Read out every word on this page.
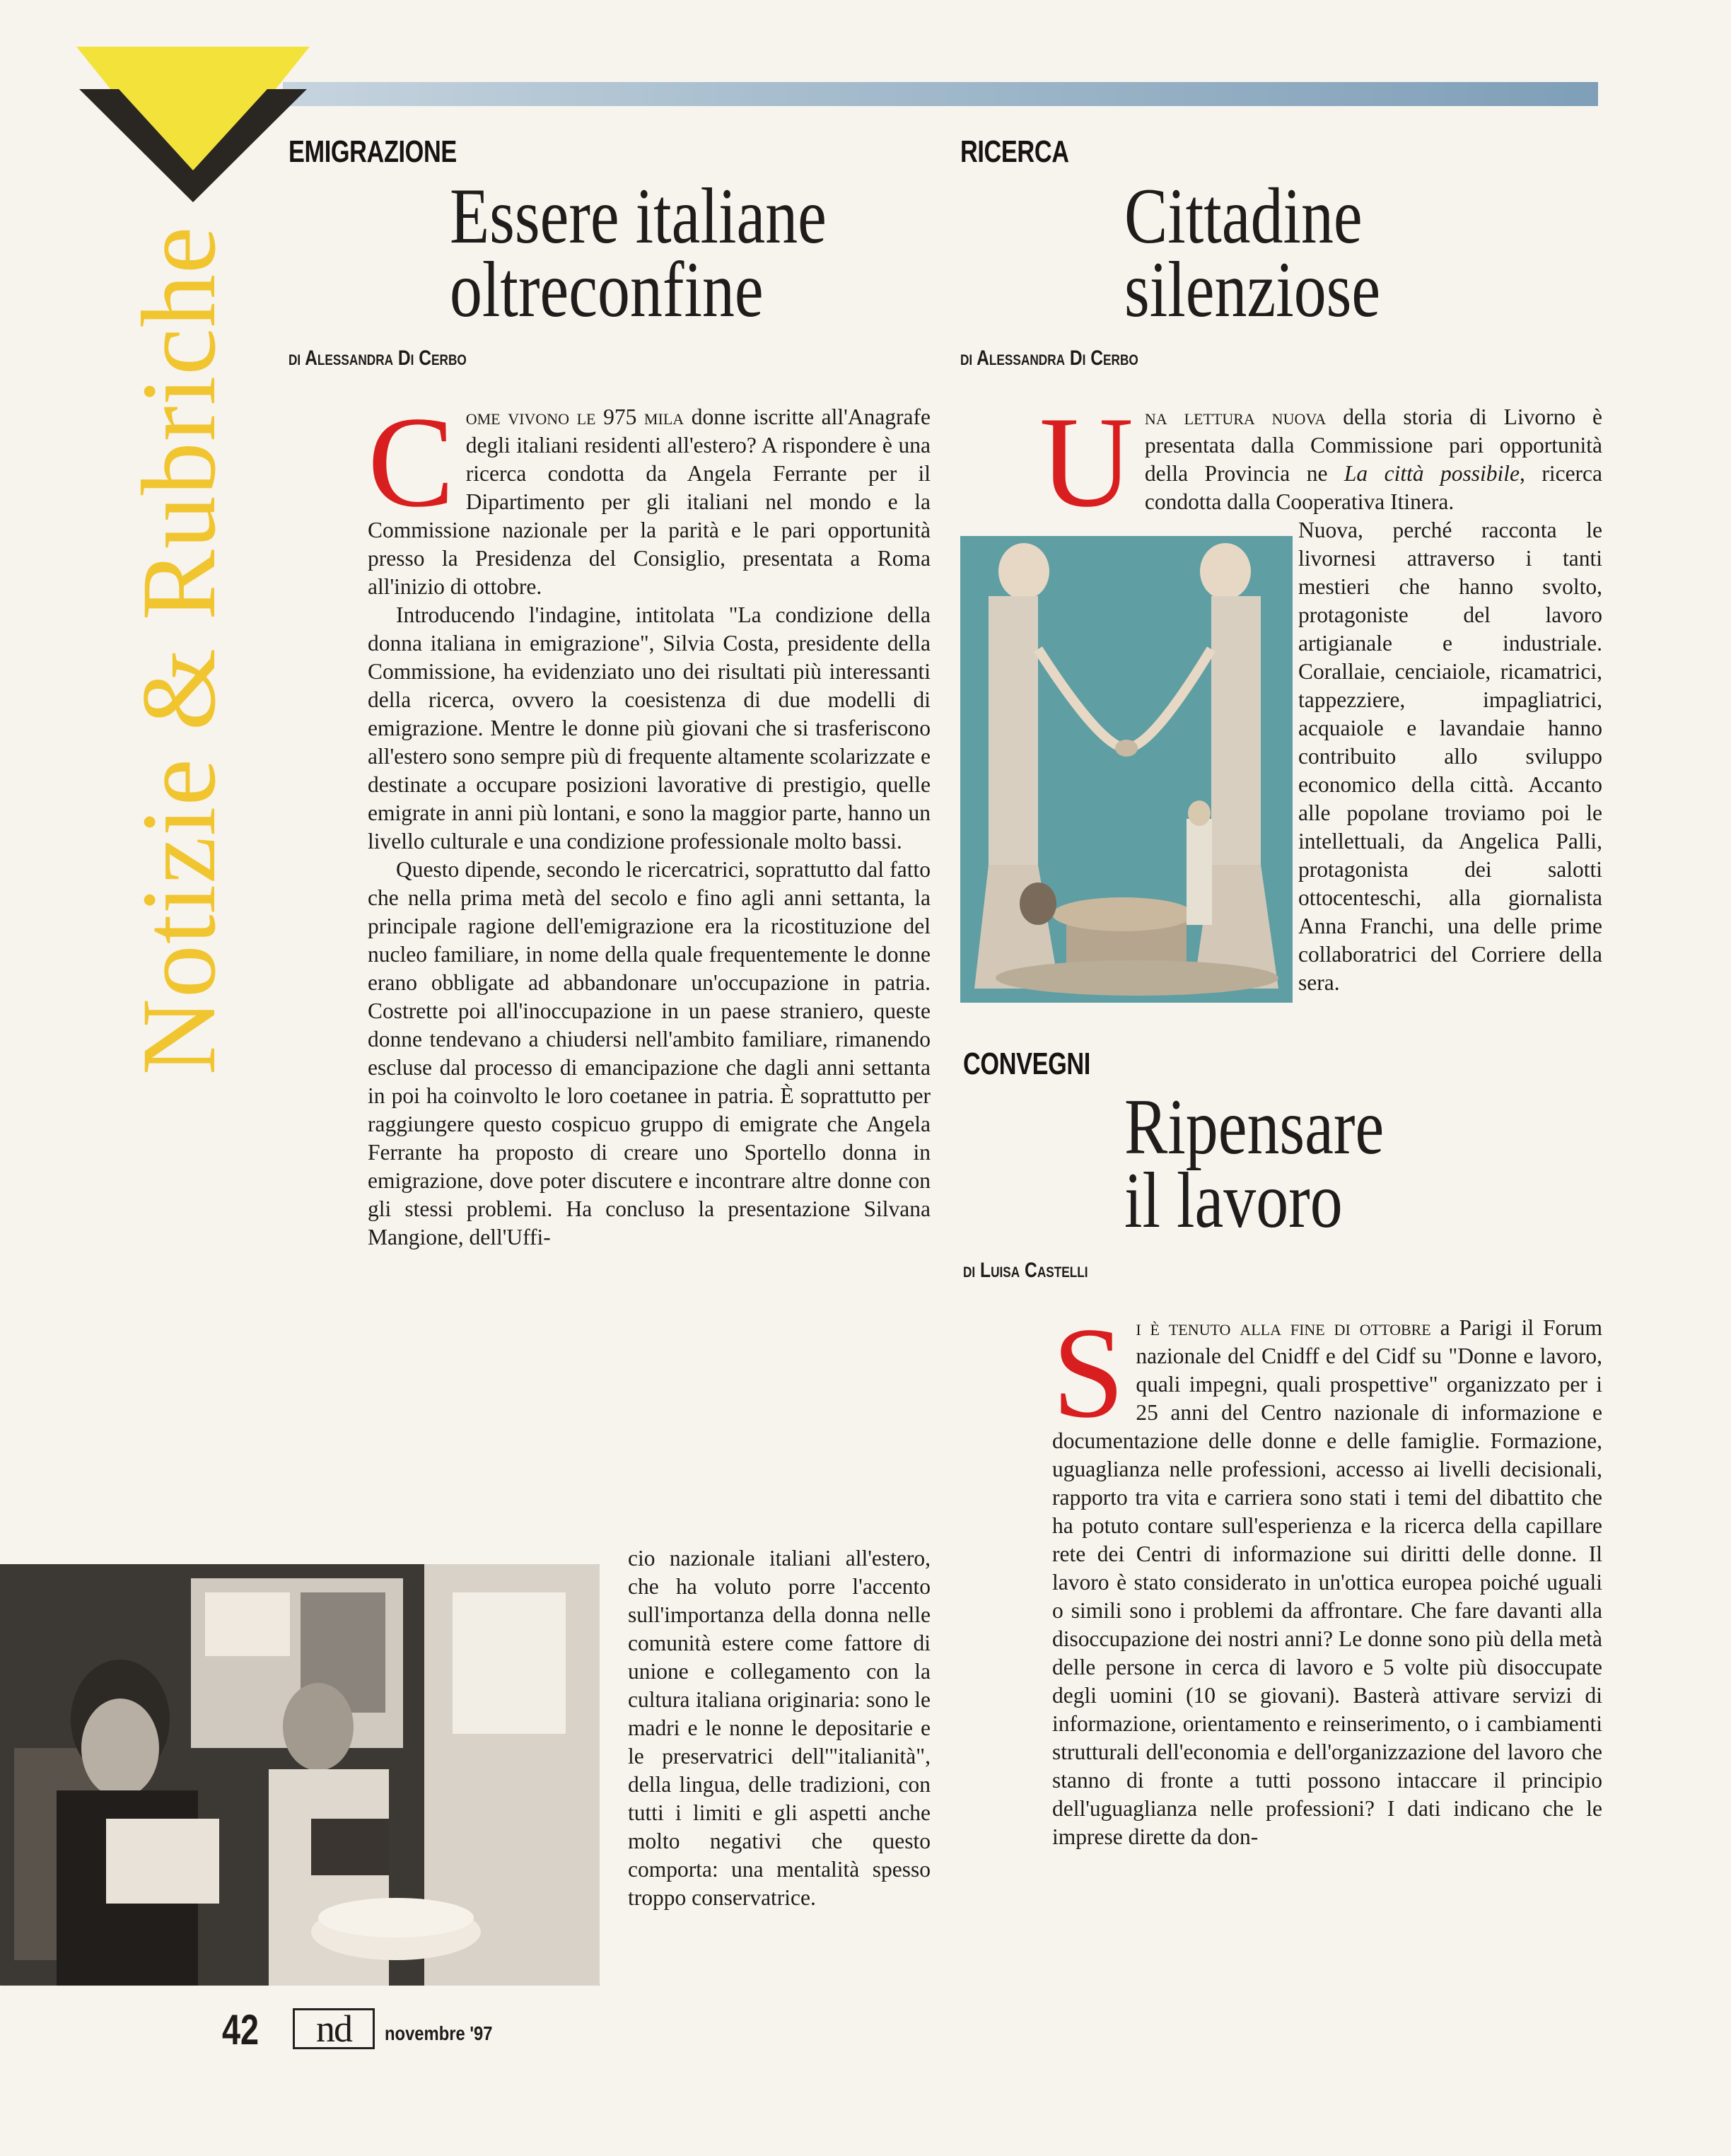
Notizie & Rubriche
EMIGRAZIONE
Essere italiane
oltreconfine
di Alessandra Di Cerbo

Come vivono le 975 mila donne iscritte all'Anagrafe degli italiani residenti all'estero? A rispondere è una ricerca condotta da Angela Ferrante per il Dipartimento per gli italiani nel mondo e la Commissione nazionale per la parità e le pari opportunità presso la Presidenza del Consiglio, presentata a Roma all'inizio di ottobre.

Introducendo l'indagine, intitolata "La condizione della donna italiana in emigrazione", Silvia Costa, presidente della Commissione, ha evidenziato uno dei risultati più interessanti della ricerca, ovvero la coesistenza di due modelli di emigrazione. Mentre le donne più giovani che si trasferiscono all'estero sono sempre più di frequente altamente scolarizzate e destinate a occupare posizioni lavorative di prestigio, quelle emigrate in anni più lontani, e sono la maggior parte, hanno un livello culturale e una condizione professionale molto bassi.

Questo dipende, secondo le ricercatrici, soprattutto dal fatto che nella prima metà del secolo e fino agli anni settanta, la principale ragione dell'emigrazione era la ricostituzione del nucleo familiare, in nome della quale frequentemente le donne erano obbligate ad abbandonare un'occupazione in patria. Costrette poi all'inoccupazione in un paese straniero, queste donne tendevano a chiudersi nell'ambito familiare, rimanendo escluse dal processo di emancipazione che dagli anni settanta in poi ha coinvolto le loro coetanee in patria. È soprattutto per raggiungere questo cospicuo gruppo di emigrate che Angela Ferrante ha proposto di creare uno Sportello donna in emigrazione, dove poter discutere e incontrare altre donne con gli stessi problemi. Ha concluso la presentazione Silvana Mangione, dell'Uffi-

cio nazionale italiani all'estero, che ha voluto porre l'accento sull'importanza della donna nelle comunità estere come fattore di unione e collegamento con la cultura italiana originaria: sono le madri e le nonne le depositarie e le preservatrici dell'"italianità", della lingua, delle tradizioni, con tutti i limiti e gli aspetti anche molto negativi che questo comporta: una mentalità spesso troppo conservatrice.

RICERCA
Cittadine
silenziose
di Alessandra Di Cerbo

Una lettura nuova della storia di Livorno è presentata dalla Commissione pari opportunità della Provincia ne La città possibile, ricerca condotta dalla Cooperativa Itinera.

Nuova, perché racconta le livornesi attraverso i tanti mestieri che hanno svolto, protagoniste del lavoro artigianale e industriale. Corallaie, cenciaiole, ricamatrici, tappezziere, impagliatrici, acquaiole e lavandaie hanno contribuito allo sviluppo economico della città. Accanto alle popolane troviamo poi le intellettuali, da Angelica Palli, protagonista dei salotti ottocenteschi, alla giornalista Anna Franchi, una delle prime collaboratrici del Corriere della sera.

CONVEGNI
Ripensare
il lavoro
di Luisa Castelli

Si è tenuto alla fine di ottobre a Parigi il Forum nazionale del Cnidff e del Cidf su "Donne e lavoro, quali impegni, quali prospettive" organizzato per i 25 anni del Centro nazionale di informazione e documentazione delle donne e delle famiglie. Formazione, uguaglianza nelle professioni, accesso ai livelli decisionali, rapporto tra vita e carriera sono stati i temi del dibattito che ha potuto contare sull'esperienza e la ricerca della capillare rete dei Centri di informazione sui diritti delle donne. Il lavoro è stato considerato in un'ottica europea poiché uguali o simili sono i problemi da affrontare. Che fare davanti alla disoccupazione dei nostri anni? Le donne sono più della metà delle persone in cerca di lavoro e 5 volte più disoccupate degli uomini (10 se giovani). Basterà attivare servizi di informazione, orientamento e reinserimento, o i cambiamenti strutturali dell'economia e dell'organizzazione del lavoro che stanno di fronte a tutti possono intaccare il principio dell'uguaglianza nelle professioni? I dati indicano che le imprese dirette da don-

42	nd	novembre '97
